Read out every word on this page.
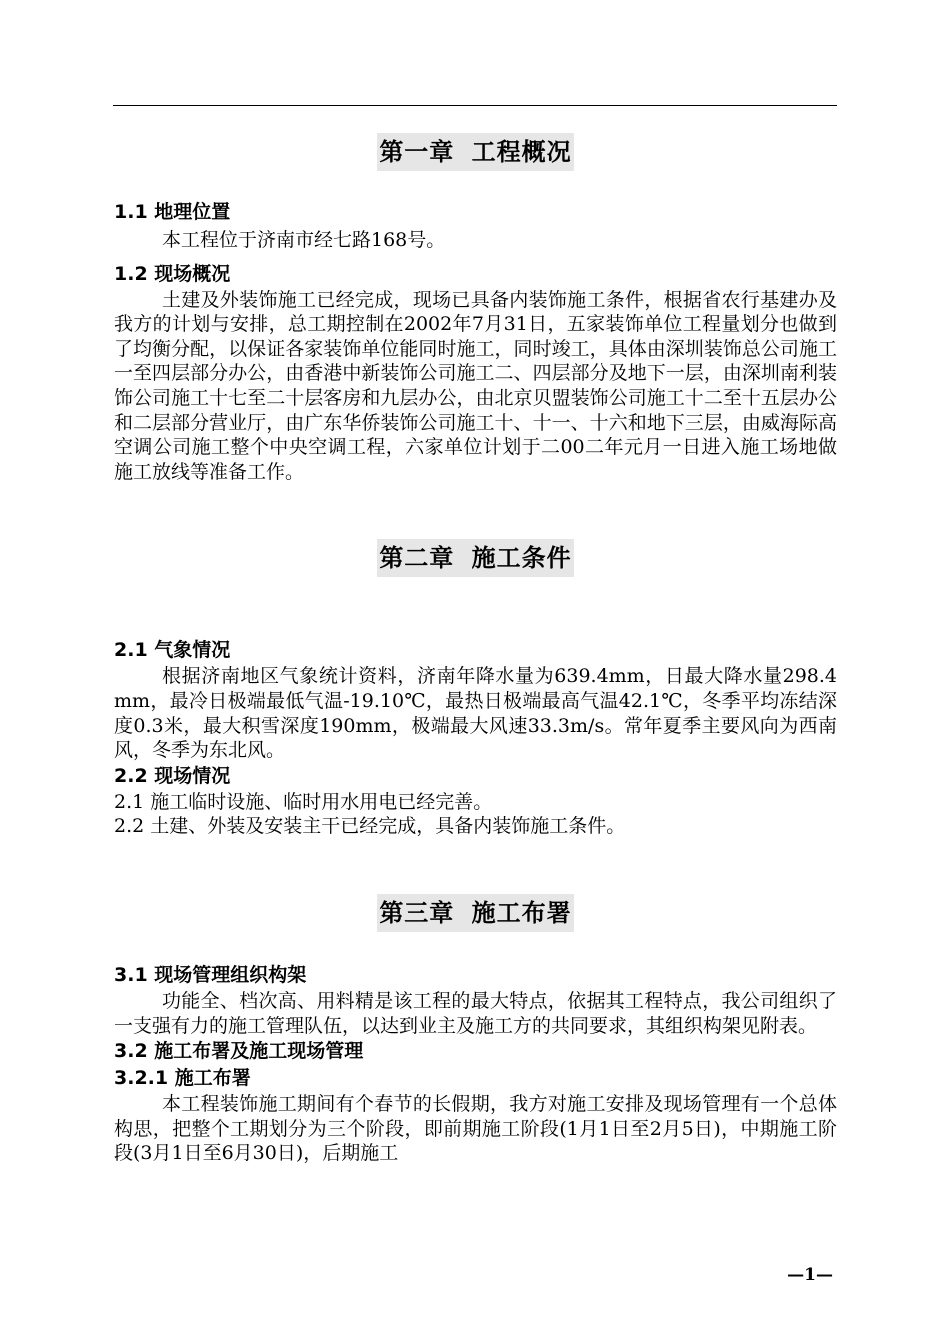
第一章 工程概况
1.1 地理位置

本工程位于济南市经七路168号。

1.2 现场概况

土建及外装饰施工已经完成，现场已具备内装饰施工条件，根据省农行基建办及我方的计划与安排，总工期控制在2002年7月31日，五家装饰单位工程量划分也做到了均衡分配，以保证各家装饰单位能同时施工，同时竣工，具体由深圳装饰总公司施工一至四层部分办公，由香港中新装饰公司施工二、四层部分及地下一层，由深圳南利装饰公司施工十七至二十层客房和九层办公，由北京贝盟装饰公司施工十二至十五层办公和二层部分营业厅，由广东华侨装饰公司施工十、十一、十六和地下三层，由威海际高空调公司施工整个中央空调工程，六家单位计划于二00二年元月一日进入施工场地做施工放线等准备工作。

第二章 施工条件
2.1 气象情况

根据济南地区气象统计资料，济南年降水量为639.4mm，日最大降水量298.4mm，最冷日极端最低气温-19.10℃，最热日极端最高气温42.1℃，冬季平均冻结深度0.3米，最大积雪深度190mm，极端最大风速33.3m/s。常年夏季主要风向为西南风，冬季为东北风。

2.2 现场情况

2.1 施工临时设施、临时用水用电已经完善。

2.2 土建、外装及安装主干已经完成，具备内装饰施工条件。

第三章 施工布署
3.1 现场管理组织构架

功能全、档次高、用料精是该工程的最大特点，依据其工程特点，我公司组织了一支强有力的施工管理队伍，以达到业主及施工方的共同要求，其组织构架见附表。

3.2 施工布署及施工现场管理
3.2.1 施工布署

本工程装饰施工期间有个春节的长假期，我方对施工安排及现场管理有一个总体构思，把整个工期划分为三个阶段，即前期施工阶段(1月1日至2月5日)，中期施工阶段(3月1日至6月30日)，后期施工

—1—
